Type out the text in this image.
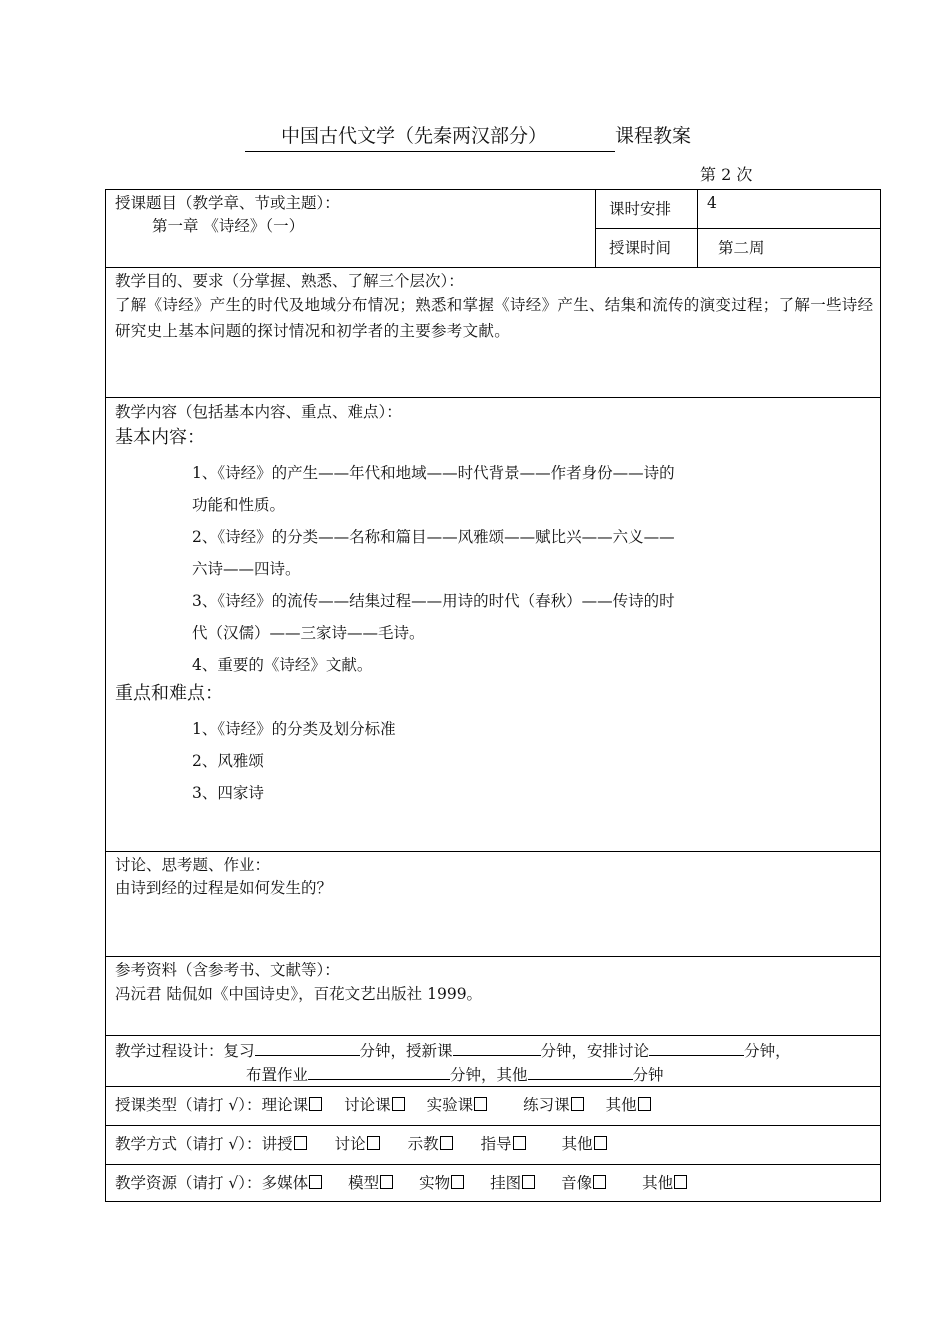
中国古代文学（先秦两汉部分）	课程教案
第 2 次
授课题目（教学章、节或主题）：
第一章 《诗经》（一）
课时安排 4
授课时间	第二周
教学目的、要求（分掌握、熟悉、了解三个层次）：
了解《诗经》产生的时代及地域分布情况；熟悉和掌握《诗经》产生、结集和流传的演变过程；了解一些诗经研究史上基本问题的探讨情况和初学者的主要参考文献。
教学内容（包括基本内容、重点、难点）：
基本内容：
1、《诗经》的产生——年代和地域——时代背景——作者身份——诗的
功能和性质。
2、《诗经》的分类——名称和篇目——风雅颂——赋比兴——六义——
六诗——四诗。
3、《诗经》的流传——结集过程——用诗的时代（春秋）——传诗的时
代（汉儒）——三家诗——毛诗。
4、重要的《诗经》文献。
重点和难点：
1、《诗经》的分类及划分标准
2、风雅颂
3、四家诗
讨论、思考题、作业：
由诗到经的过程是如何发生的？
参考资料（含参考书、文献等）：
冯沅君 陆侃如《中国诗史》，百花文艺出版社 1999。
教学过程设计：复习	分钟，授新课	分钟，安排讨论	分钟，
布置作业	分钟，其他	分钟
授课类型（请打 √）：理论课 讨论课 实验课	练习课 其他
教学方式（请打 √）：讲授	讨论	示教	指导	其他
教学资源（请打 √）：多媒体	模型	实物	挂图	音像	其他
